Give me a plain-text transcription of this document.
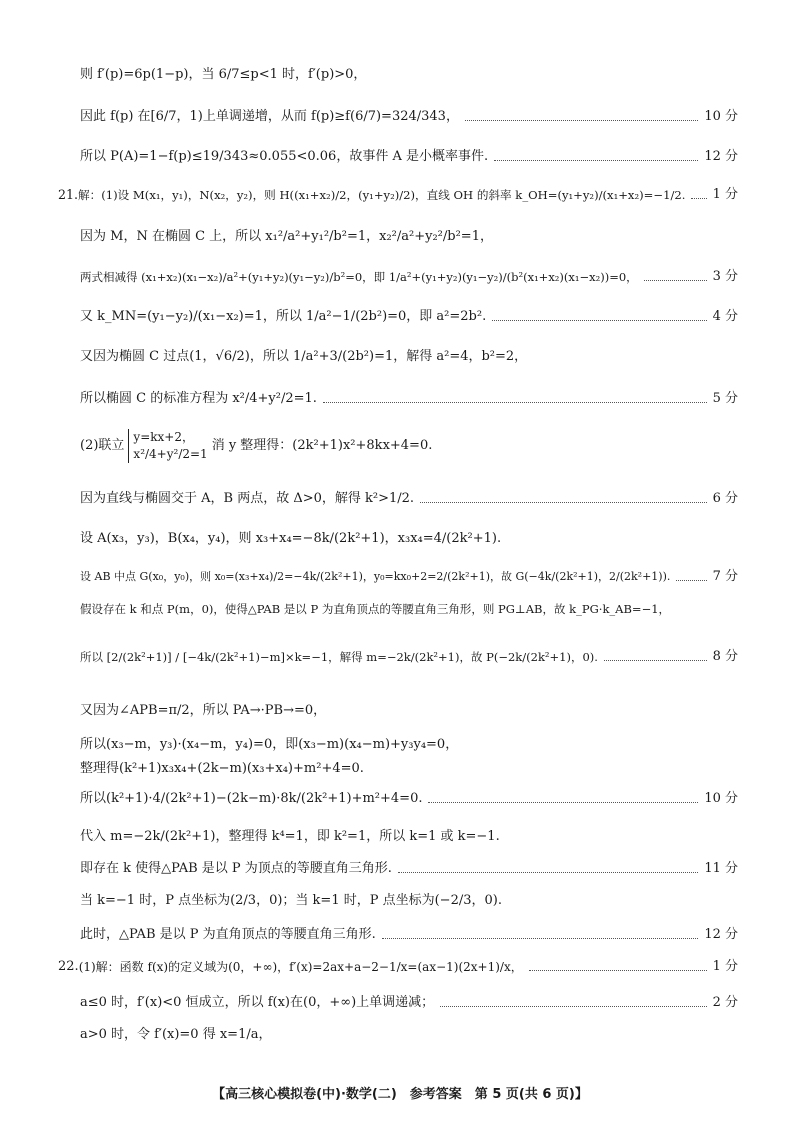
则 f′(p)=6p(1−p)，当 6/7≤p<1 时，f′(p)>0，
因此 f(p) 在[6/7，1)上单调递增，从而 f(p)≥f(6/7)=324/343，	10 分
所以 P(A)=1−f(p)≤19/343≈0.055<0.06，故事件 A 是小概率事件.	12 分
21. 解：(1)设 M(x₁，y₁)，N(x₂，y₂)，则 H((x₁+x₂)/2，(y₁+y₂)/2)，直线 OH 的斜率 k_OH=(y₁+y₂)/(x₁+x₂)=−1/2. 1 分
因为 M，N 在椭圆 C 上，所以 x₁²/a²+y₁²/b²=1，x₂²/a²+y₂²/b²=1，
两式相减得 (x₁+x₂)(x₁−x₂)/a²+(y₁+y₂)(y₁−y₂)/b²=0，即 1/a²+(y₁+y₂)(y₁−y₂)/(b²(x₁+x₂)(x₁−x₂))=0，	3 分
又 k_MN=(y₁−y₂)/(x₁−x₂)=1，所以 1/a²−1/(2b²)=0，即 a²=2b².	4 分
又因为椭圆 C 过点(1，√6/2)，所以 1/a²+3/(2b²)=1，解得 a²=4，b²=2，
所以椭圆 C 的标准方程为 x²/4+y²/2=1.	5 分
(2)联立
y=kx+2，
x²/4+y²/2=1
消 y 整理得：(2k²+1)x²+8kx+4=0.
因为直线与椭圆交于 A，B 两点，故 Δ>0，解得 k²>1/2.	6 分
设 A(x₃，y₃)，B(x₄，y₄)，则 x₃+x₄=−8k/(2k²+1)，x₃x₄=4/(2k²+1).
设 AB 中点 G(x₀，y₀)，则 x₀=(x₃+x₄)/2=−4k/(2k²+1)，y₀=kx₀+2=2/(2k²+1)，故 G(−4k/(2k²+1)，2/(2k²+1)).	7 分
假设存在 k 和点 P(m，0)，使得△PAB 是以 P 为直角顶点的等腰直角三角形，则 PG⊥AB，故 k_PG·k_AB=−1，
所以 [2/(2k²+1)] / [−4k/(2k²+1)−m]×k=−1，解得 m=−2k/(2k²+1)，故 P(−2k/(2k²+1)，0).	8 分
又因为∠APB=π/2，所以 PA→·PB→=0，
所以(x₃−m，y₃)·(x₄−m，y₄)=0，即(x₃−m)(x₄−m)+y₃y₄=0，
整理得(k²+1)x₃x₄+(2k−m)(x₃+x₄)+m²+4=0.
所以(k²+1)·4/(2k²+1)−(2k−m)·8k/(2k²+1)+m²+4=0.	10 分
代入 m=−2k/(2k²+1)，整理得 k⁴=1，即 k²=1，所以 k=1 或 k=−1.
即存在 k 使得△PAB 是以 P 为顶点的等腰直角三角形.	11 分
当 k=−1 时，P 点坐标为(2/3，0)；当 k=1 时，P 点坐标为(−2/3，0).
此时，△PAB 是以 P 为直角顶点的等腰直角三角形.	12 分
22. (1)解：函数 f(x)的定义域为(0，+∞)，f′(x)=2ax+a−2−1/x=(ax−1)(2x+1)/x，	1 分
a≤0 时，f′(x)<0 恒成立，所以 f(x)在(0，+∞)上单调递减；	2 分
a>0 时，令 f′(x)=0 得 x=1/a，
【高三核心模拟卷(中)·数学(二)　参考答案　第 5 页(共 6 页)】
